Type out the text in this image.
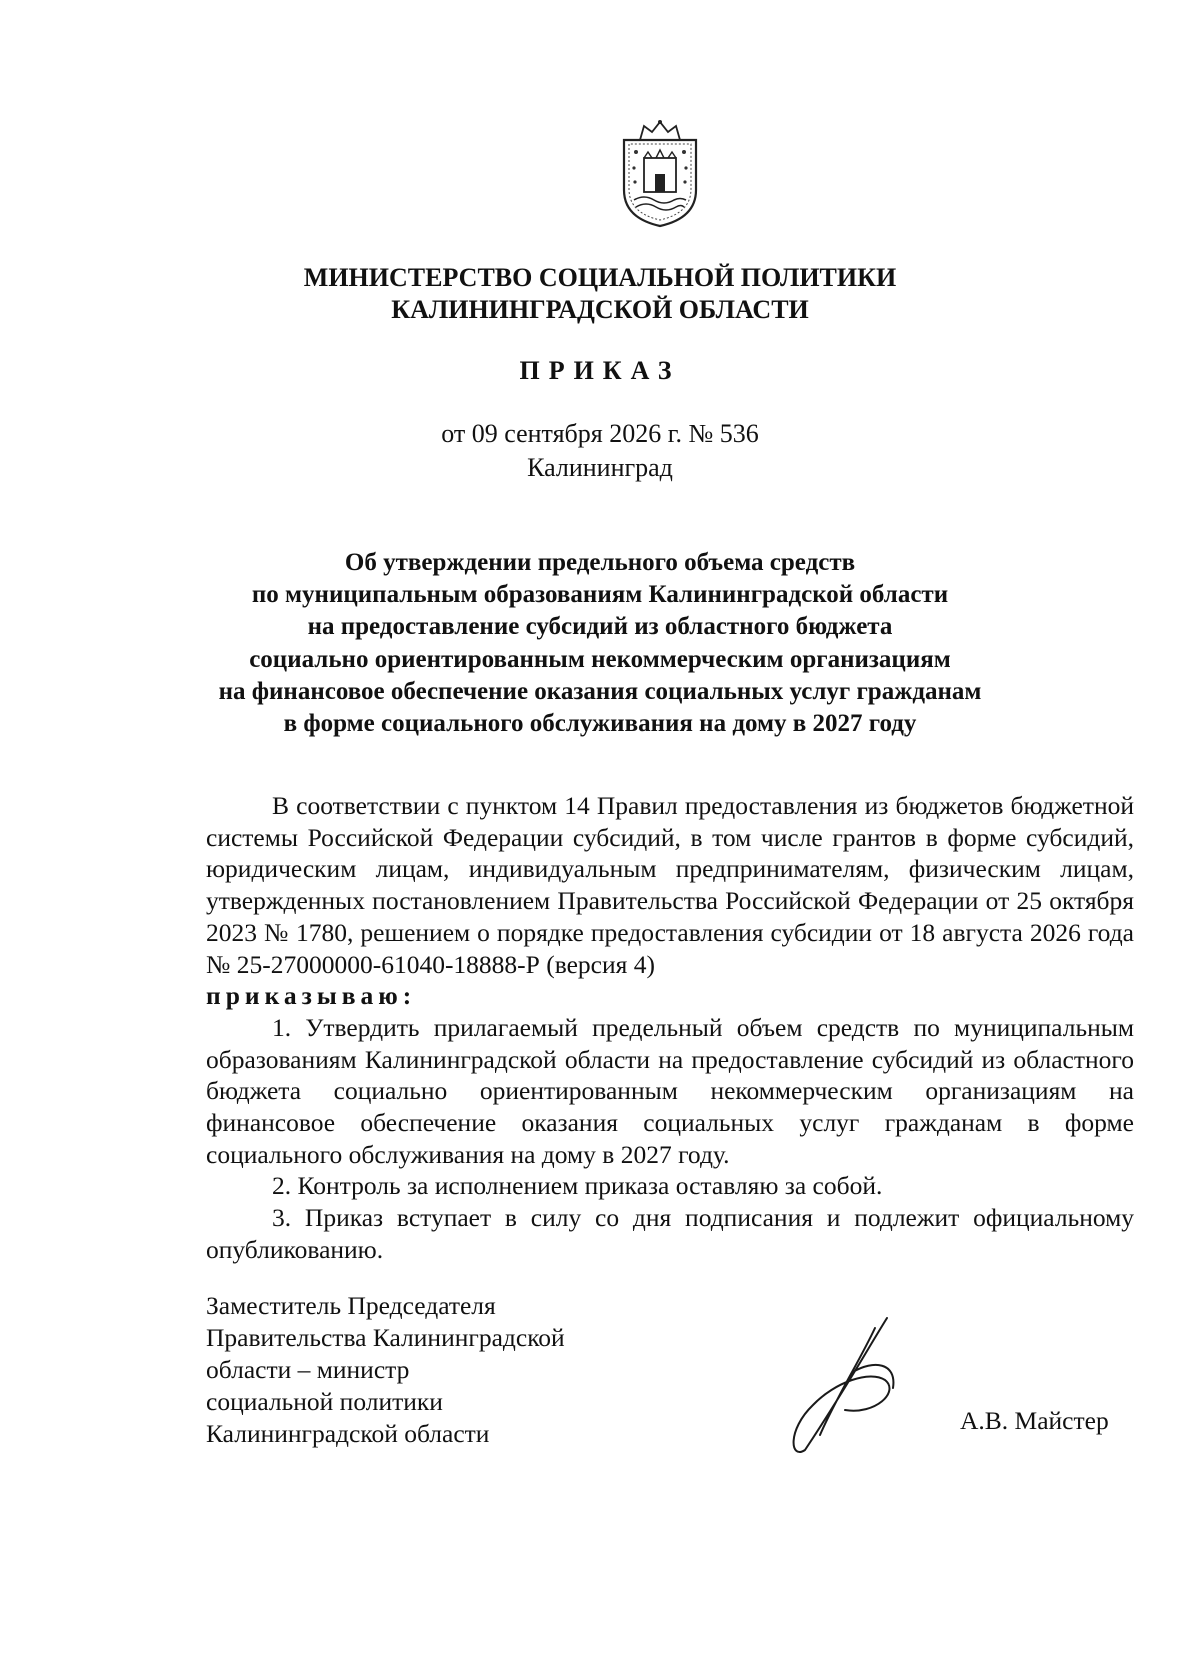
МИНИСТЕРСТВО СОЦИАЛЬНОЙ ПОЛИТИКИ
КАЛИНИНГРАДСКОЙ ОБЛАСТИ
ПРИКАЗ
от 09 сентября 2026 г. № 536
Калининград
Об утверждении предельного объема средств
по муниципальным образованиям Калининградской области
на предоставление субсидий из областного бюджета
социально ориентированным некоммерческим организациям
на финансовое обеспечение оказания социальных услуг гражданам
в форме социального обслуживания на дому в 2027 году

В соответствии с пунктом 14 Правил предоставления из бюджетов бюджетной системы Российской Федерации субсидий, в том числе грантов в форме субсидий, юридическим лицам, индивидуальным предпринимателям, физическим лицам, утвержденных постановлением Правительства Российской Федерации от 25 октября 2023 № 1780, решением о порядке предоставления субсидии от 18 августа 2026 года № 25-27000000-61040-18888-Р (версия 4)

приказываю:

1. Утвердить прилагаемый предельный объем средств по муниципальным образованиям Калининградской области на предоставление субсидий из областного бюджета социально ориентированным некоммерческим организациям на финансовое обеспечение оказания социальных услуг гражданам в форме социального обслуживания на дому в 2027 году.

2. Контроль за исполнением приказа оставляю за собой.

3. Приказ вступает в силу со дня подписания и подлежит официальному опубликованию.

Заместитель Председателя
Правительства Калининградской
области – министр
социальной политики
Калининградской области	А.В. Майстер
